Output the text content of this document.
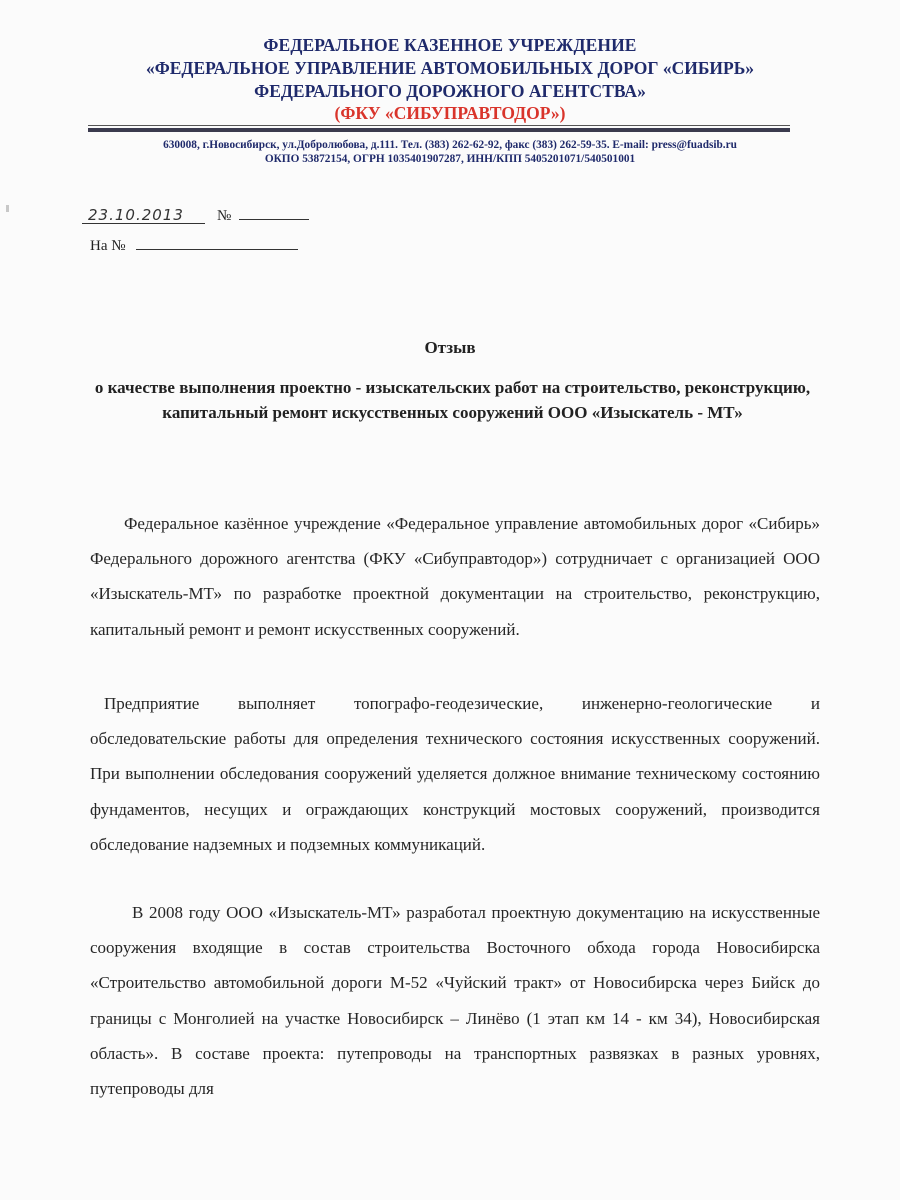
ФЕДЕРАЛЬНОЕ КАЗЕННОЕ УЧРЕЖДЕНИЕ
«ФЕДЕРАЛЬНОЕ УПРАВЛЕНИЕ АВТОМОБИЛЬНЫХ ДОРОГ «СИБИРЬ»
ФЕДЕРАЛЬНОГО ДОРОЖНОГО АГЕНТСТВА»
(ФКУ «СИБУПРАВТОДОР»)
630008, г.Новосибирск, ул.Добролюбова, д.111. Тел. (383) 262-62-92, факс (383) 262-59-35. E-mail: press@fuadsib.ru
ОКПО 53872154, ОГРН 1035401907287, ИНН/КПП 5405201071/540501001
23.10.2013 №
На №
Отзыв
о качестве выполнения проектно - изыскательских работ на строительство, реконструкцию, капитальный ремонт искусственных сооружений ООО «Изыскатель - МТ»
Федеральное казённое учреждение «Федеральное управление автомобильных дорог «Сибирь» Федерального дорожного агентства (ФКУ «Сибуправтодор») сотрудничает с организацией ООО «Изыскатель-МТ» по разработке проектной документации на строительство, реконструкцию, капитальный ремонт и ремонт искусственных сооружений.
Предприятие выполняет топографо-геодезические, инженерно-геологические и обследовательские работы для определения технического состояния искусственных сооружений. При выполнении обследования сооружений уделяется должное внимание техническому состоянию фундаментов, несущих и ограждающих конструкций мостовых сооружений, производится обследование надземных и подземных коммуникаций.
В 2008 году ООО «Изыскатель-МТ» разработал проектную документацию на искусственные сооружения входящие в состав строительства Восточного обхода города Новосибирска «Строительство автомобильной дороги М-52 «Чуйский тракт» от Новосибирска через Бийск до границы с Монголией на участке Новосибирск – Линёво (1 этап км 14 - км 34), Новосибирская область». В составе проекта: путепроводы на транспортных развязках в разных уровнях, путепроводы для
